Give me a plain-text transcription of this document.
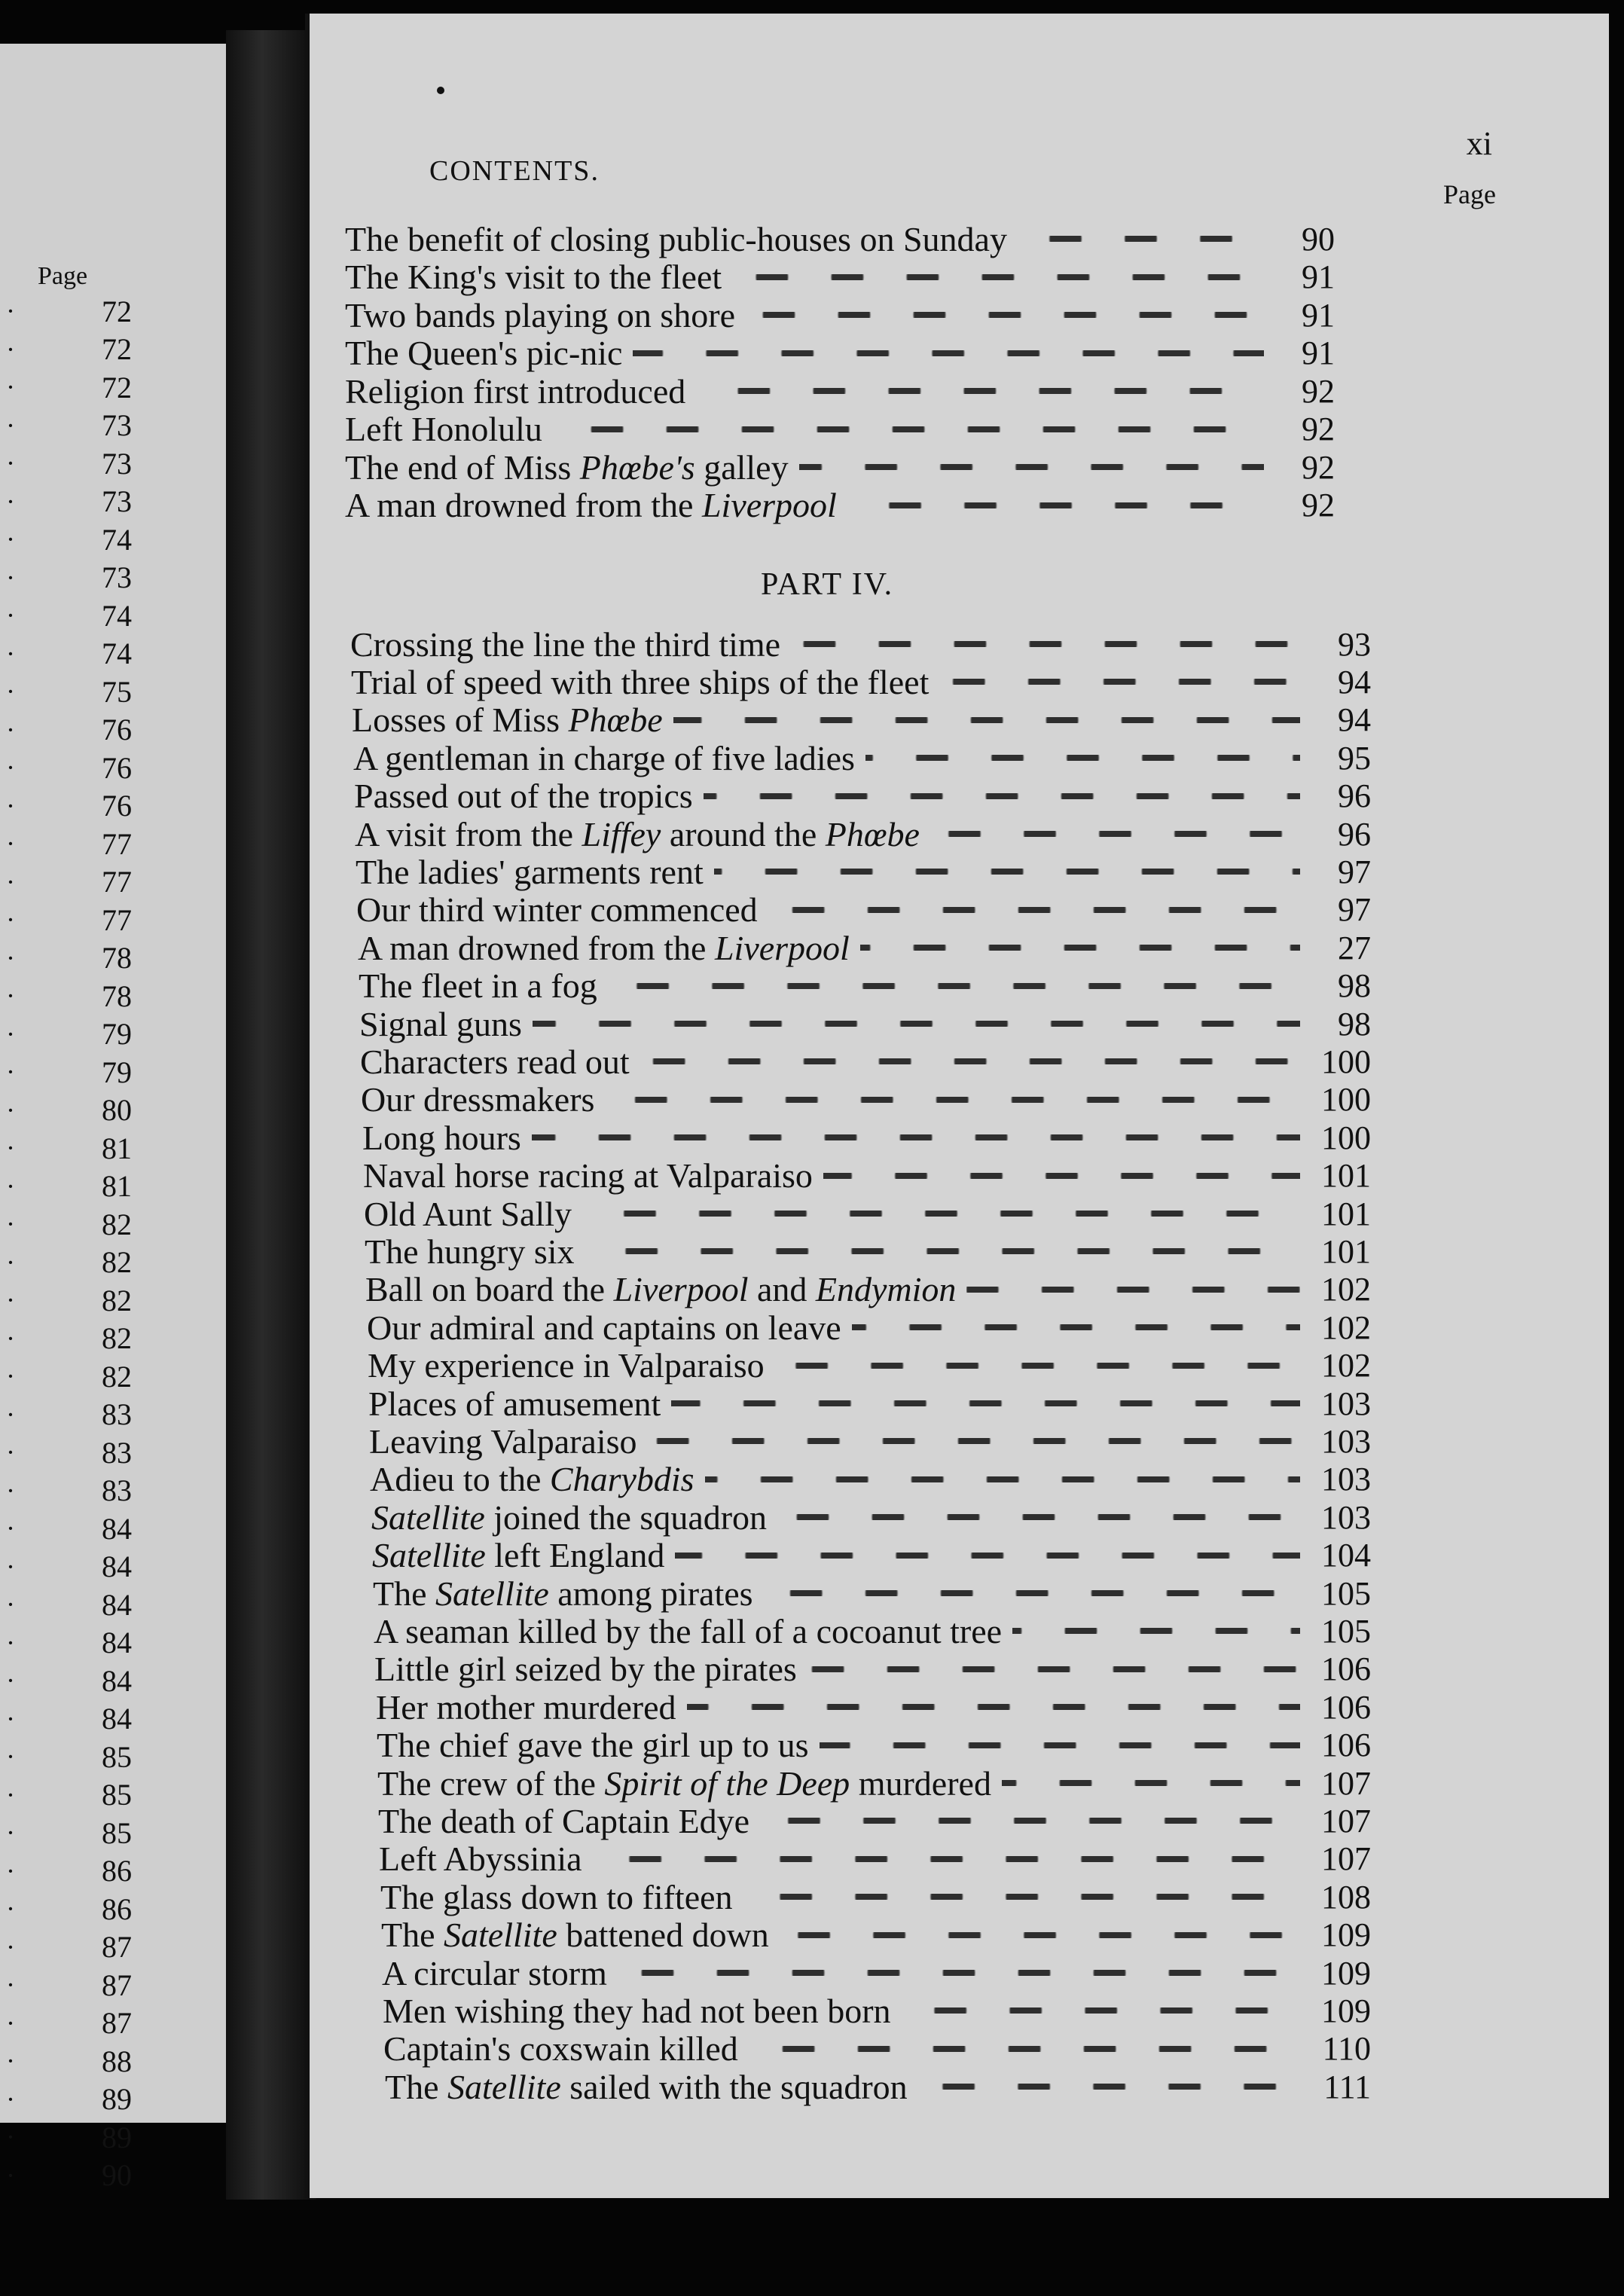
Page
·	72
·	72
·	72
·	73
·	73
·	73
·	74
·	73
·	74
·	74
·	75
·	76
·	76
·	76
·	77
·	77
·	77
·	78
·	78
·	79
·	79
·	80
·	81
·	81
·	82
·	82
·	82
·	82
·	82
·	83
·	83
·	83
·	84
·	84
·	84
·	84
·	84
·	84
·	85
·	85
·	85
·	86
·	86
·	87
·	87
·	87
·	88
·	89
·	89
·	90
CONTENTS.
xi
Page
PART IV.
The benefit of closing public-houses on Sunday	90
The King's visit to the fleet	91
Two bands playing on shore	91
The Queen's pic-nic	91
Religion first introduced	92
Left Honolulu	92
The end of Miss Phœbe's galley	92
A man drowned from the Liverpool	92
Crossing the line the third time	93
Trial of speed with three ships of the fleet	94
Losses of Miss Phœbe	94
A gentleman in charge of five ladies	95
Passed out of the tropics	96
A visit from the Liffey around the Phœbe	96
The ladies' garments rent	97
Our third winter commenced	97
A man drowned from the Liverpool	27
The fleet in a fog	98
Signal guns	98
Characters read out	100
Our dressmakers	100
Long hours	100
Naval horse racing at Valparaiso	101
Old Aunt Sally	101
The hungry six	101
Ball on board the Liverpool and Endymion	102
Our admiral and captains on leave	102
My experience in Valparaiso	102
Places of amusement	103
Leaving Valparaiso	103
Adieu to the Charybdis	103
Satellite joined the squadron	103
Satellite left England	104
The Satellite among pirates	105
A seaman killed by the fall of a cocoanut tree	105
Little girl seized by the pirates	106
Her mother murdered	106
The chief gave the girl up to us	106
The crew of the Spirit of the Deep murdered	107
The death of Captain Edye	107
Left Abyssinia	107
The glass down to fifteen	108
The Satellite battened down	109
A circular storm	109
Men wishing they had not been born	109
Captain's coxswain killed	110
The Satellite sailed with the squadron	111
